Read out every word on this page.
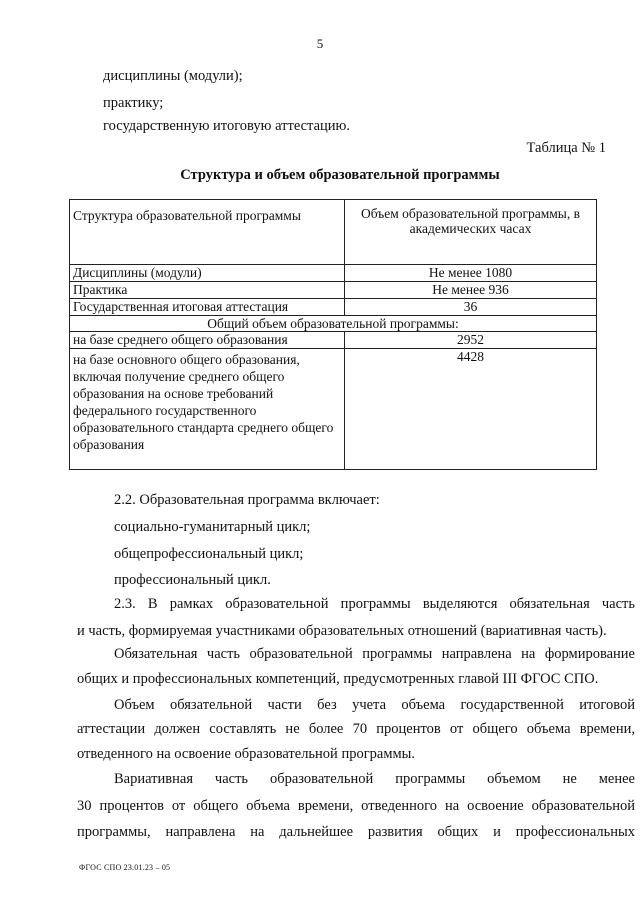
5
дисциплины (модули);
практику;
государственную итоговую аттестацию.
Таблица № 1
Структура и объем образовательной программы
Структура образовательной программы	Объем образовательной программы, в академических часах
Дисциплины (модули)	Не менее 1080
Практика	Не менее 936
Государственная итоговая аттестация	36
Общий объем образовательной программы:	
на базе среднего общего образования	2952
на базе основного общего образования, включая получение среднего общего образования на основе требований федерального государственного образовательного стандарта среднего общего образования	4428
2.2. Образовательная программа включает:
социально-гуманитарный цикл;
общепрофессиональный цикл;
профессиональный цикл.
2.3. В рамках образовательной программы выделяются обязательная часть
и часть, формируемая участниками образовательных отношений (вариативная часть).
Обязательная часть образовательной программы направлена на формирование
общих и профессиональных компетенций, предусмотренных главой III ФГОС СПО.
Объем обязательной части без учета объема государственной итоговой
аттестации должен составлять не более 70 процентов от общего объема времени,
отведенного на освоение образовательной программы.
Вариативная часть образовательной программы объемом не менее
30 процентов от общего объема времени, отведенного на освоение образовательной
программы, направлена на дальнейшее развития общих и профессиональных
ФГОС СПО 23.01.23 – 05
